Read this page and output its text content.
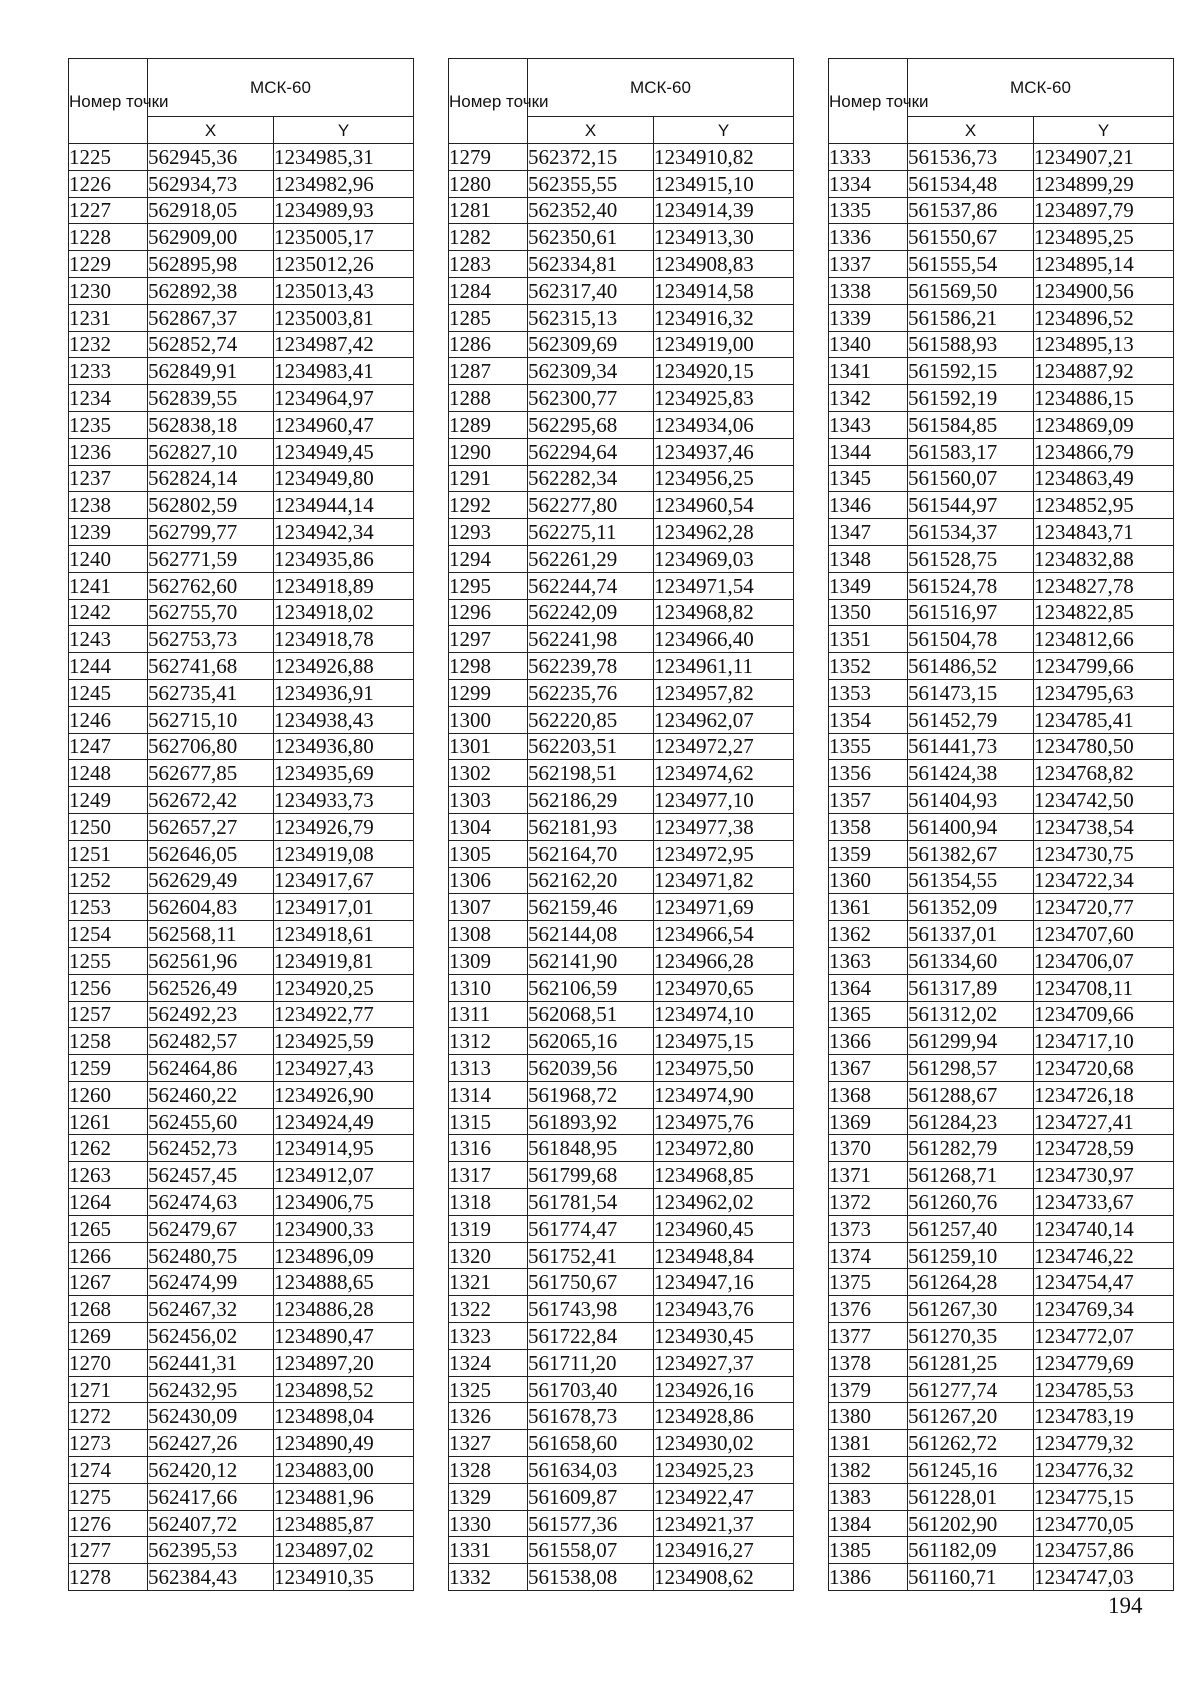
Номер точки	МСК-60	
	X	Y
1225	562945,36	1234985,31
1226	562934,73	1234982,96
1227	562918,05	1234989,93
1228	562909,00	1235005,17
1229	562895,98	1235012,26
1230	562892,38	1235013,43
1231	562867,37	1235003,81
1232	562852,74	1234987,42
1233	562849,91	1234983,41
1234	562839,55	1234964,97
1235	562838,18	1234960,47
1236	562827,10	1234949,45
1237	562824,14	1234949,80
1238	562802,59	1234944,14
1239	562799,77	1234942,34
1240	562771,59	1234935,86
1241	562762,60	1234918,89
1242	562755,70	1234918,02
1243	562753,73	1234918,78
1244	562741,68	1234926,88
1245	562735,41	1234936,91
1246	562715,10	1234938,43
1247	562706,80	1234936,80
1248	562677,85	1234935,69
1249	562672,42	1234933,73
1250	562657,27	1234926,79
1251	562646,05	1234919,08
1252	562629,49	1234917,67
1253	562604,83	1234917,01
1254	562568,11	1234918,61
1255	562561,96	1234919,81
1256	562526,49	1234920,25
1257	562492,23	1234922,77
1258	562482,57	1234925,59
1259	562464,86	1234927,43
1260	562460,22	1234926,90
1261	562455,60	1234924,49
1262	562452,73	1234914,95
1263	562457,45	1234912,07
1264	562474,63	1234906,75
1265	562479,67	1234900,33
1266	562480,75	1234896,09
1267	562474,99	1234888,65
1268	562467,32	1234886,28
1269	562456,02	1234890,47
1270	562441,31	1234897,20
1271	562432,95	1234898,52
1272	562430,09	1234898,04
1273	562427,26	1234890,49
1274	562420,12	1234883,00
1275	562417,66	1234881,96
1276	562407,72	1234885,87
1277	562395,53	1234897,02
1278	562384,43	1234910,35
Номер точки	МСК-60	
	X	Y
1279	562372,15	1234910,82
1280	562355,55	1234915,10
1281	562352,40	1234914,39
1282	562350,61	1234913,30
1283	562334,81	1234908,83
1284	562317,40	1234914,58
1285	562315,13	1234916,32
1286	562309,69	1234919,00
1287	562309,34	1234920,15
1288	562300,77	1234925,83
1289	562295,68	1234934,06
1290	562294,64	1234937,46
1291	562282,34	1234956,25
1292	562277,80	1234960,54
1293	562275,11	1234962,28
1294	562261,29	1234969,03
1295	562244,74	1234971,54
1296	562242,09	1234968,82
1297	562241,98	1234966,40
1298	562239,78	1234961,11
1299	562235,76	1234957,82
1300	562220,85	1234962,07
1301	562203,51	1234972,27
1302	562198,51	1234974,62
1303	562186,29	1234977,10
1304	562181,93	1234977,38
1305	562164,70	1234972,95
1306	562162,20	1234971,82
1307	562159,46	1234971,69
1308	562144,08	1234966,54
1309	562141,90	1234966,28
1310	562106,59	1234970,65
1311	562068,51	1234974,10
1312	562065,16	1234975,15
1313	562039,56	1234975,50
1314	561968,72	1234974,90
1315	561893,92	1234975,76
1316	561848,95	1234972,80
1317	561799,68	1234968,85
1318	561781,54	1234962,02
1319	561774,47	1234960,45
1320	561752,41	1234948,84
1321	561750,67	1234947,16
1322	561743,98	1234943,76
1323	561722,84	1234930,45
1324	561711,20	1234927,37
1325	561703,40	1234926,16
1326	561678,73	1234928,86
1327	561658,60	1234930,02
1328	561634,03	1234925,23
1329	561609,87	1234922,47
1330	561577,36	1234921,37
1331	561558,07	1234916,27
1332	561538,08	1234908,62
Номер точки	МСК-60	
	X	Y
1333	561536,73	1234907,21
1334	561534,48	1234899,29
1335	561537,86	1234897,79
1336	561550,67	1234895,25
1337	561555,54	1234895,14
1338	561569,50	1234900,56
1339	561586,21	1234896,52
1340	561588,93	1234895,13
1341	561592,15	1234887,92
1342	561592,19	1234886,15
1343	561584,85	1234869,09
1344	561583,17	1234866,79
1345	561560,07	1234863,49
1346	561544,97	1234852,95
1347	561534,37	1234843,71
1348	561528,75	1234832,88
1349	561524,78	1234827,78
1350	561516,97	1234822,85
1351	561504,78	1234812,66
1352	561486,52	1234799,66
1353	561473,15	1234795,63
1354	561452,79	1234785,41
1355	561441,73	1234780,50
1356	561424,38	1234768,82
1357	561404,93	1234742,50
1358	561400,94	1234738,54
1359	561382,67	1234730,75
1360	561354,55	1234722,34
1361	561352,09	1234720,77
1362	561337,01	1234707,60
1363	561334,60	1234706,07
1364	561317,89	1234708,11
1365	561312,02	1234709,66
1366	561299,94	1234717,10
1367	561298,57	1234720,68
1368	561288,67	1234726,18
1369	561284,23	1234727,41
1370	561282,79	1234728,59
1371	561268,71	1234730,97
1372	561260,76	1234733,67
1373	561257,40	1234740,14
1374	561259,10	1234746,22
1375	561264,28	1234754,47
1376	561267,30	1234769,34
1377	561270,35	1234772,07
1378	561281,25	1234779,69
1379	561277,74	1234785,53
1380	561267,20	1234783,19
1381	561262,72	1234779,32
1382	561245,16	1234776,32
1383	561228,01	1234775,15
1384	561202,90	1234770,05
1385	561182,09	1234757,86
1386	561160,71	1234747,03
194
